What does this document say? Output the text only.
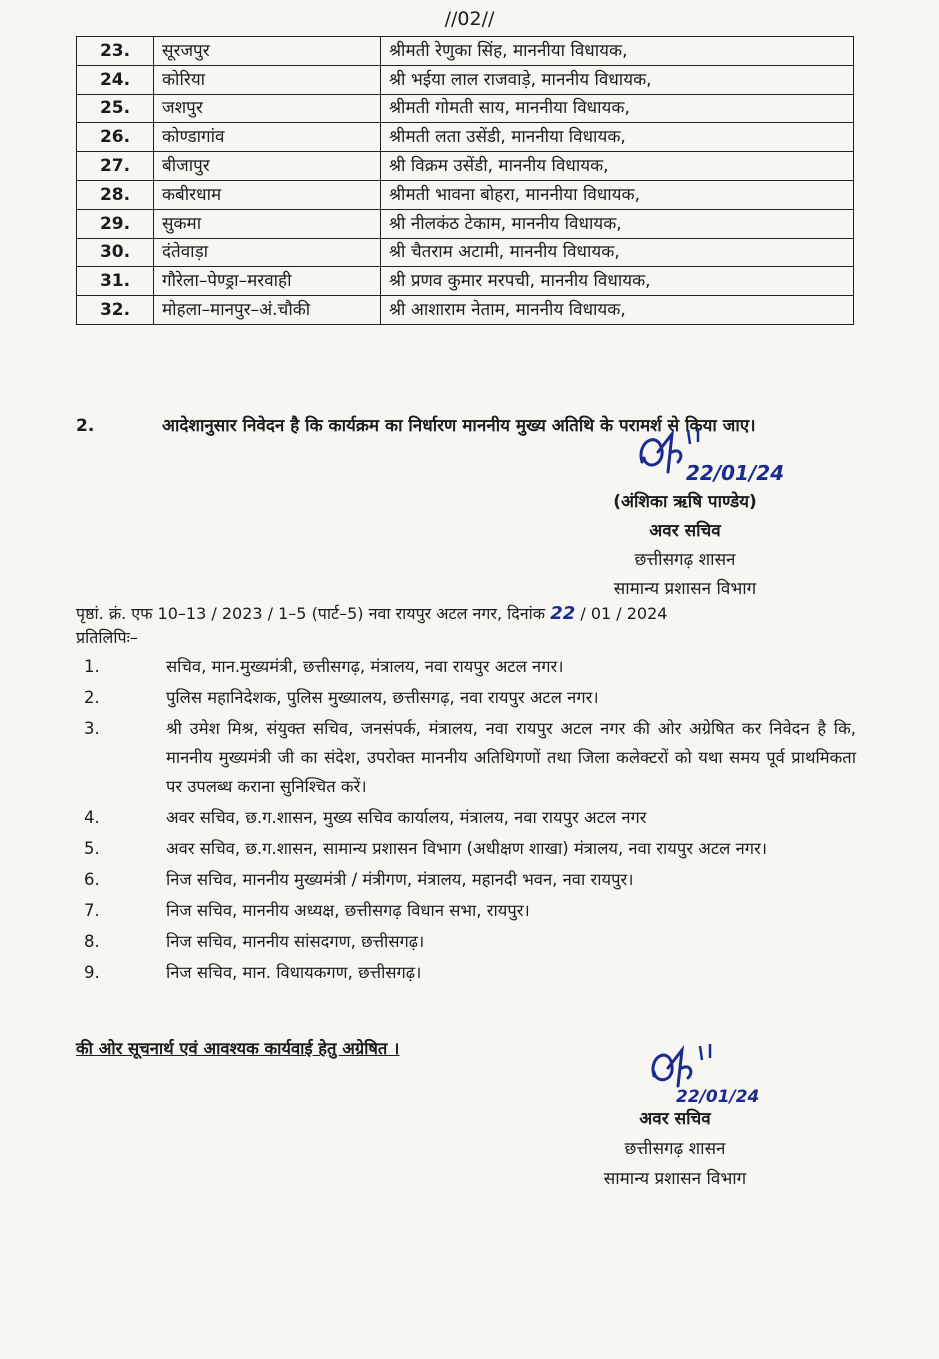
//02//
23.	सूरजपुर	श्रीमती रेणुका सिंह, माननीया विधायक,
24.	कोरिया	श्री भईया लाल राजवाड़े, माननीय विधायक,
25.	जशपुर	श्रीमती गोमती साय, माननीया विधायक,
26.	कोण्डागांव	श्रीमती लता उसेंडी, माननीया विधायक,
27.	बीजापुर	श्री विक्रम उसेंडी, माननीय विधायक,
28.	कबीरधाम	श्रीमती भावना बोहरा, माननीया विधायक,
29.	सुकमा	श्री नीलकंठ टेकाम, माननीय विधायक,
30.	दंतेवाड़ा	श्री चैतराम अटामी, माननीय विधायक,
31.	गौरेला–पेण्ड्रा–मरवाही	श्री प्रणव कुमार मरपची, माननीय विधायक,
32.	मोहला–मानपुर–अं.चौकी	श्री आशाराम नेताम, माननीय विधायक,
2.	आदेशानुसार निवेदन है कि कार्यक्रम का निर्धारण माननीय मुख्य अतिथि के परामर्श से किया जाए।
22/01/24
(अंशिका ऋषि पाण्डेय)
अवर सचिव
छत्तीसगढ़ शासन
सामान्य प्रशासन विभाग
पृष्ठां. क्रं. एफ 10–13 / 2023 / 1–5 (पार्ट–5) नवा रायपुर अटल नगर, दिनांक 22 / 01 / 2024
प्रतिलिपिः–
1.	सचिव, मान.मुख्यमंत्री, छत्तीसगढ़, मंत्रालय, नवा रायपुर अटल नगर।
2.	पुलिस महानिदेशक, पुलिस मुख्यालय, छत्तीसगढ़, नवा रायपुर अटल नगर।
3.	श्री उमेश मिश्र, संयुक्त सचिव, जनसंपर्क, मंत्रालय, नवा रायपुर अटल नगर की ओर अग्रेषित कर निवेदन है कि, माननीय मुख्यमंत्री जी का संदेश, उपरोक्त माननीय अतिथिगणों तथा जिला कलेक्टरों को यथा समय पूर्व प्राथमिकता पर उपलब्ध कराना सुनिश्चित करें।
4.	अवर सचिव, छ.ग.शासन, मुख्य सचिव कार्यालय, मंत्रालय, नवा रायपुर अटल नगर
5.	अवर सचिव, छ.ग.शासन, सामान्य प्रशासन विभाग (अधीक्षण शाखा) मंत्रालय, नवा रायपुर अटल नगर।
6.	निज सचिव, माननीय मुख्यमंत्री / मंत्रीगण, मंत्रालय, महानदी भवन, नवा रायपुर।
7.	निज सचिव, माननीय अध्यक्ष, छत्तीसगढ़ विधान सभा, रायपुर।
8.	निज सचिव, माननीय सांसदगण, छत्तीसगढ़।
9.	निज सचिव, मान. विधायकगण, छत्तीसगढ़।
की ओर सूचनार्थ एवं आवश्यक कार्यवाई हेतु अग्रेषित ।
22/01/24
अवर सचिव
छत्तीसगढ़ शासन
सामान्य प्रशासन विभाग
